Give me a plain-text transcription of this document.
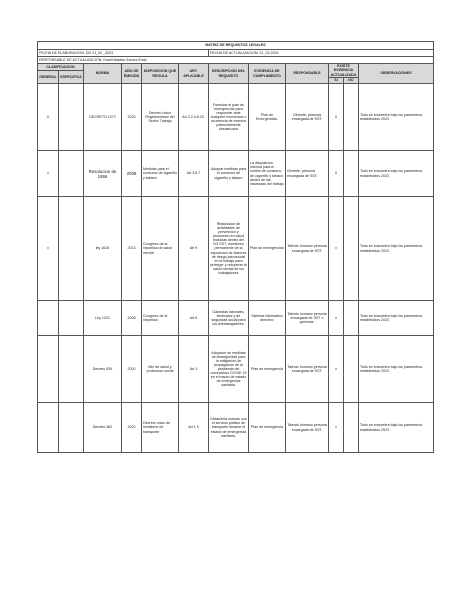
MATRIZ DE REQUISITOS LEGALES											
FECHA DE ELABORACION: DD 21_02 _2023						FECHA DE ACTUALIZACION: 21_02.2024					
RESPONSABLE DE ACTUALIZACION: Karoll Natalia Gomez Endo											
CLASIFICACION		NORMA	AÑO DE EMISION	DISPOSICION QUE REGULA	ART. APLICABLE	DESCRIPCION DEL REQUISITO	EVIDENCIA DE CUMPLIMIENTO	RESPONSABLE	EXISTE EVIDENCIA ACTUALIZADA		OBSERVACIONES
GENERAL	ESPECIFICA										
									SI	NO	
X		DECRETO 1072	2015	Decreto único Reglamentario del Sector Trabajo	Art 2.2.4.6.25.	Formular el plan de emergencias para responder ante cualquier inminencia u ocurrencia de eventos potencialmente desastrosos	Plan de Emergencias.	Gerente, persona encargada de SST.	X		Todo se encuentra bajo los parametros establecidos 2023
x		Resolucion de 1956	2008	Medidas para el consumo de cigarrillo y tabaco	Art 3,6,7	Adoptar medidas para el consumo de cigarrillo y tabaco	La disposicion informa para el control de consumo de cigarrillo y tabaco dentro de las instancias del trabajo	Gerente, persona encargada de SST.	X		Todo se encuentra bajo los parametros establecidos 2023
x		ley 1616	2013	Congreso de la republica de salud mental	Art 9	Realizacion de actividades de prevencion y promocion en salud incluidas dentro del SG SST, monitoreo permanente de la exposicion de factores de riesgo psicosocial en el trabajo para proteger y recuperar la salud mental de los trabajadores	Plan de emergencias	Talento humano persona encargada de SST.	x		Todo se encuentra bajo los parametros establecidos 2023
		Ley 1221	2008	Congreso de la republica	Art 6	Garantias laborales, sindicales y de seguridad social para los teletrabajadores.	Sistema informatico directivo	Talento humano persona encargada de SST o gerencia.	x		Todo se encuentra bajo los parametros establecidos 2023
		Decreto 539	2020	Min de salud y proteccion social	Art 1	Adopcion de medidas de bioseguridad para la mitigacion de propagacion de la pandemia del coronavirus COVID 19 en el marco de estado de emergencia sanitaria.	Plan de emergencia	Talento humano persona encargada de SST.	x		Todo se encuentra bajo los parametros establecidos 2023
		Decreto 482	2020	Decreto unico de ministerio de transporte	Art 1 9	Dictaminia normas con el servicio publico de transporte durante el estado de emergencia sanitaria.	Plan de emergencia	Talento humano persona encargada de SST.	x		Todo se encuentra bajo los parametros establecidos 2023
